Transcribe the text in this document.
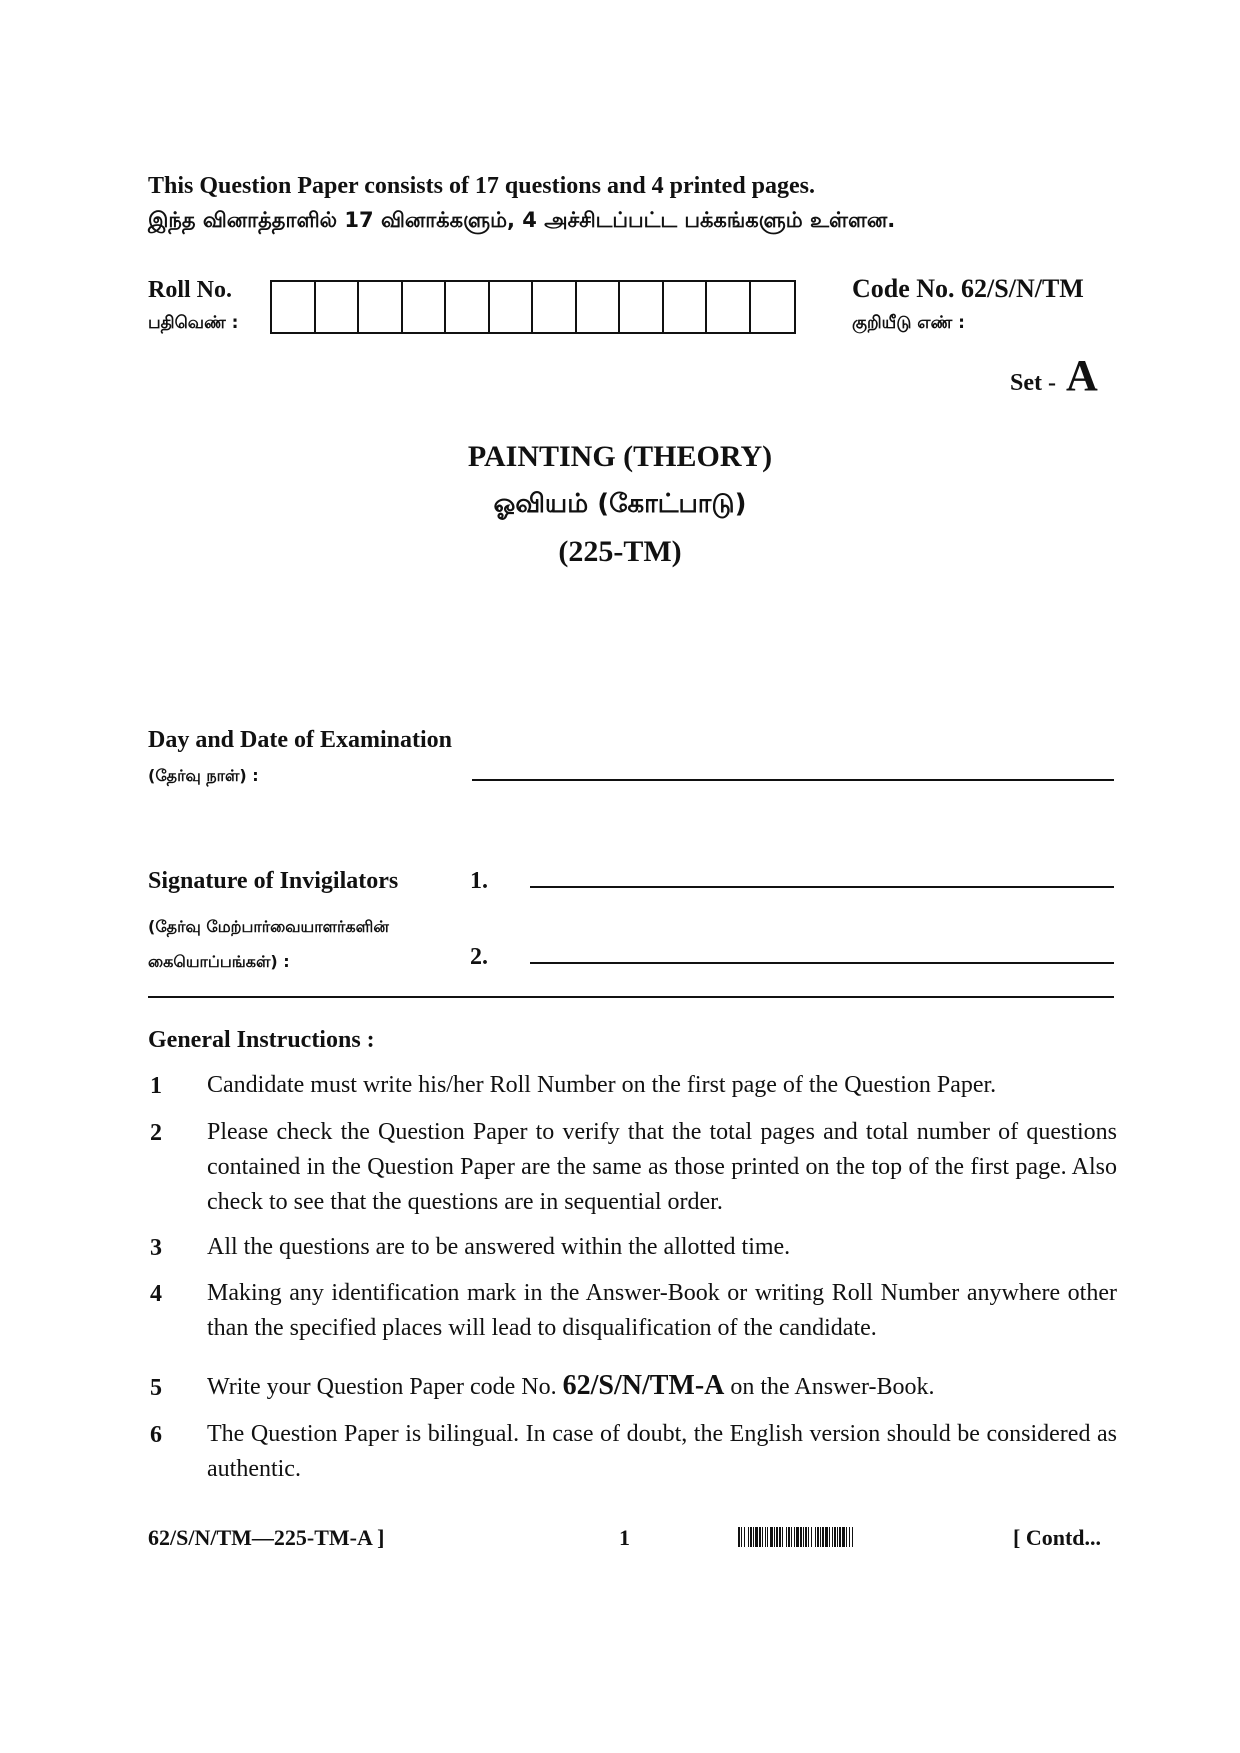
This Question Paper consists of 17 questions and 4 printed pages.
இந்த வினாத்தாளில் 17 வினாக்களும், 4 அச்சிடப்பட்ட பக்கங்களும் உள்ளன.
Roll No.
பதிவெண் :
Code No. 62/S/N/TM
குறியீடு எண் :
Set - A
PAINTING (THEORY)
ஓவியம் (கோட்பாடு)
(225-TM)
Day and Date of Examination
(தேர்வு நாள்) :
Signature of Invigilators	1.
(தேர்வு மேற்பார்வையாளர்களின்
கையொப்பங்கள்) :	2.
General Instructions :
1 Candidate must write his/her Roll Number on the first page of the Question Paper.
2 Please check the Question Paper to verify that the total pages and total number of questions contained in the Question Paper are the same as those printed on the top of the first page. Also check to see that the questions are in sequential order.
3 All the questions are to be answered within the allotted time.
4 Making any identification mark in the Answer-Book or writing Roll Number anywhere other than the specified places will lead to disqualification of the candidate.
5 Write your Question Paper code No. 62/S/N/TM-A on the Answer-Book.
6 The Question Paper is bilingual. In case of doubt, the English version should be considered as authentic.
62/S/N/TM—225-TM-A ]	1	[ Contd...
